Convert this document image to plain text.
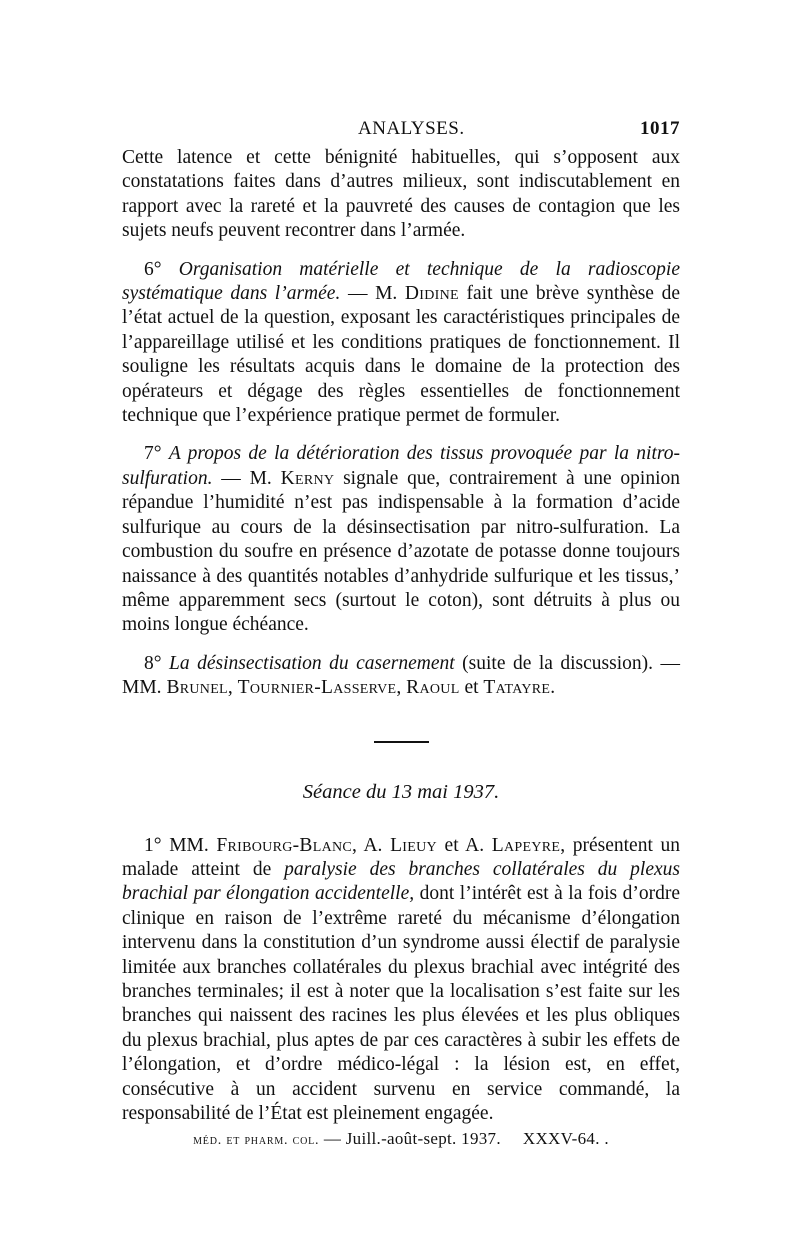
ANALYSES.	1017

Cette latence et cette bénignité habituelles, qui s’opposent aux constatations faites dans d’autres milieux, sont indiscutablement en rapport avec la rareté et la pauvreté des causes de contagion que les sujets neufs peuvent recontrer dans l’armée.

6° Organisation matérielle et technique de la radioscopie systématique dans l’armée. — M. Didine fait une brève synthèse de l’état actuel de la question, exposant les caractéristiques principales de l’appareillage utilisé et les conditions pratiques de fonctionnement. Il souligne les résultats acquis dans le domaine de la protection des opérateurs et dégage des règles essentielles de fonctionnement technique que l’expérience pratique permet de formuler.

7° A propos de la détérioration des tissus provoquée par la nitro-sulfuration. — M. Kerny signale que, contrairement à une opinion répandue l’humidité n’est pas indispensable à la formation d’acide sulfurique au cours de la désinsectisation par nitro-sulfuration. La combustion du soufre en présence d’azotate de potasse donne toujours naissance à des quantités notables d’anhydride sulfurique et les tissus,’ même apparemment secs (surtout le coton), sont détruits à plus ou moins longue échéance.

8° La désinsectisation du casernement (suite de la discussion). — MM. Brunel, Tournier-Lasserve, Raoul et Tatayre.

Séance du 13 mai 1937.

1° MM. Fribourg-Blanc, A. Lieuy et A. Lapeyre, présentent un malade atteint de paralysie des branches collatérales du plexus brachial par élongation accidentelle, dont l’intérêt est à la fois d’ordre clinique en raison de l’extrême rareté du mécanisme d’élongation intervenu dans la constitution d’un syndrome aussi électif de paralysie limitée aux branches collatérales du plexus brachial avec intégrité des branches terminales; il est à noter que la localisation s’est faite sur les branches qui naissent des racines les plus élevées et les plus obliques du plexus brachial, plus aptes de par ces caractères à subir les effets de l’élongation, et d’ordre médico-légal : la lésion est, en effet, consécutive à un accident survenu en service commandé, la responsabilité de l’État est pleinement engagée.

méd. et pharm. col. — Juill.-août-sept. 1937. XXXV-64. .
